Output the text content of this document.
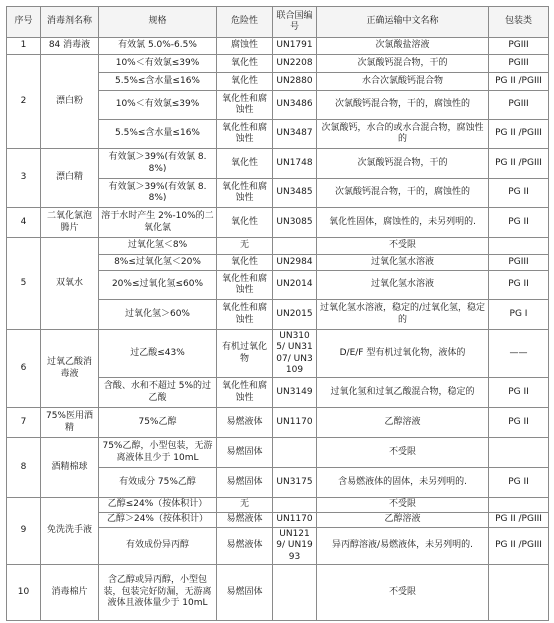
序号	消毒剂名称	规格	危险性	联合国编号	正确运输中文名称	包装类
1	84 消毒液	有效氯 5.0%-6.5%	腐蚀性	UN1791	次氯酸盐溶液	PGIII
2	漂白粉	10%＜有效氯≤39%	氧化性	UN2208	次氯酸钙混合物，干的	PGIII
		5.5%≤含水量≤16%	氧化性	UN2880	水合次氯酸钙混合物	PG II /PGIII
		10%＜有效氯≤39%	氧化性和腐蚀性	UN3486	次氯酸钙混合物，干的，腐蚀性的	PGIII
		5.5%≤含水量≤16%	氧化性和腐蚀性	UN3487	次氯酸钙，水合的或水合混合物，腐蚀性的	PG II /PGIII
3	漂白精	有效氯＞39%(有效氯 8.8%)	氧化性	UN1748	次氯酸钙混合物，干的	PG II /PGIII
		有效氯＞39%(有效氯 8.8%)	氧化性和腐蚀性	UN3485	次氯酸钙混合物，干的，腐蚀性的	PG II
4	二氧化氯泡腾片	溶于水时产生 2%-10%的二氧化氯	氧化性	UN3085	氧化性固体，腐蚀性的，未另列明的.	PG II
5	双氧水	过氧化氢＜8%	无		不受限	
		8%≤过氧化氢＜20%	氧化性	UN2984	过氧化氢水溶液	PGIII
		20%≤过氧化氢≤60%	氧化性和腐蚀性	UN2014	过氧化氢水溶液	PG II
		过氧化氢＞60%	氧化性和腐蚀性	UN2015	过氧化氢水溶液，稳定的/过氧化氢，稳定的	PG I
6	过氧乙酸消毒液	过乙酸≤43%	有机过氧化物	UN3105/ UN3107/ UN3109	D/E/F 型有机过氧化物，液体的	——
		含酸、水和不超过 5%的过乙酸	氧化性和腐蚀性	UN3149	过氧化氢和过氧乙酸混合物，稳定的	PG II
7	75%医用酒精	75%乙醇	易燃液体	UN1170	乙醇溶液	PG II
8	酒精棉球	75%乙醇，小型包装，无游离液体且少于 10mL	易燃固体		不受限	
		有效成分 75%乙醇	易燃固体	UN3175	含易燃液体的固体，未另列明的.	PG II
9	免洗洗手液	乙醇≤24%（按体积计）	无		不受限	
		乙醇＞24%（按体积计）	易燃液体	UN1170	乙醇溶液	PG II /PGIII
		有效成份异丙醇	易燃液体	UN1219/ UN1993	异丙醇溶液/易燃液体，未另列明的.	PG II /PGIII
10	消毒棉片	含乙醇或异丙醇，小型包装，包装完好防漏，无游离液体且液体量少于 10mL	易燃固体		不受限	
